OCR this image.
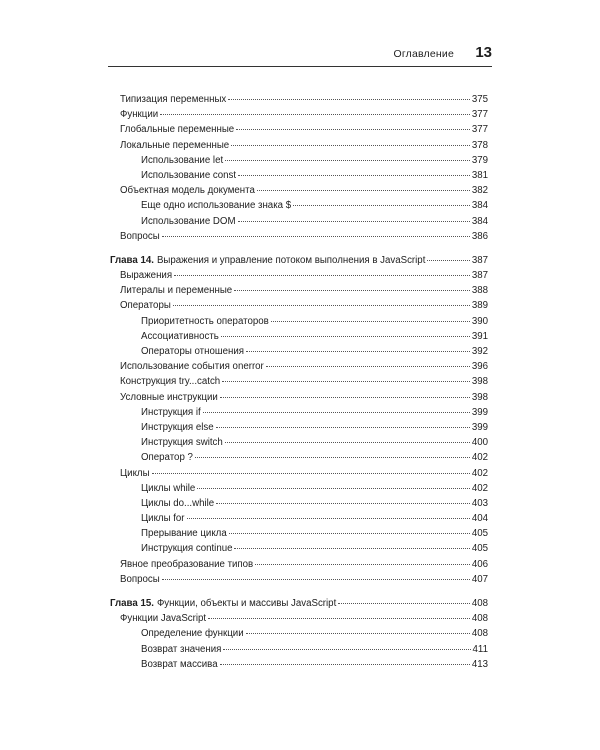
Оглавление 13
Типизация переменных	375
Функции	377
Глобальные переменные	377
Локальные переменные	378
Использование let	379
Использование const	381
Объектная модель документа	382
Еще одно использование знака $	384
Использование DOM	384
Вопросы	386
Глава 14. Выражения и управление потоком выполнения в JavaScript	387
Выражения	387
Литералы и переменные	388
Операторы	389
Приоритетность операторов	390
Ассоциативность	391
Операторы отношения	392
Использование события onerror	396
Конструкция try...catch	398
Условные инструкции	398
Инструкция if	399
Инструкция else	399
Инструкция switch	400
Оператор ?	402
Циклы	402
Циклы while	402
Циклы do...while	403
Циклы for	404
Прерывание цикла	405
Инструкция continue	405
Явное преобразование типов	406
Вопросы	407
Глава 15. Функции, объекты и массивы JavaScript	408
Функции JavaScript	408
Определение функции	408
Возврат значения	411
Возврат массива	413
